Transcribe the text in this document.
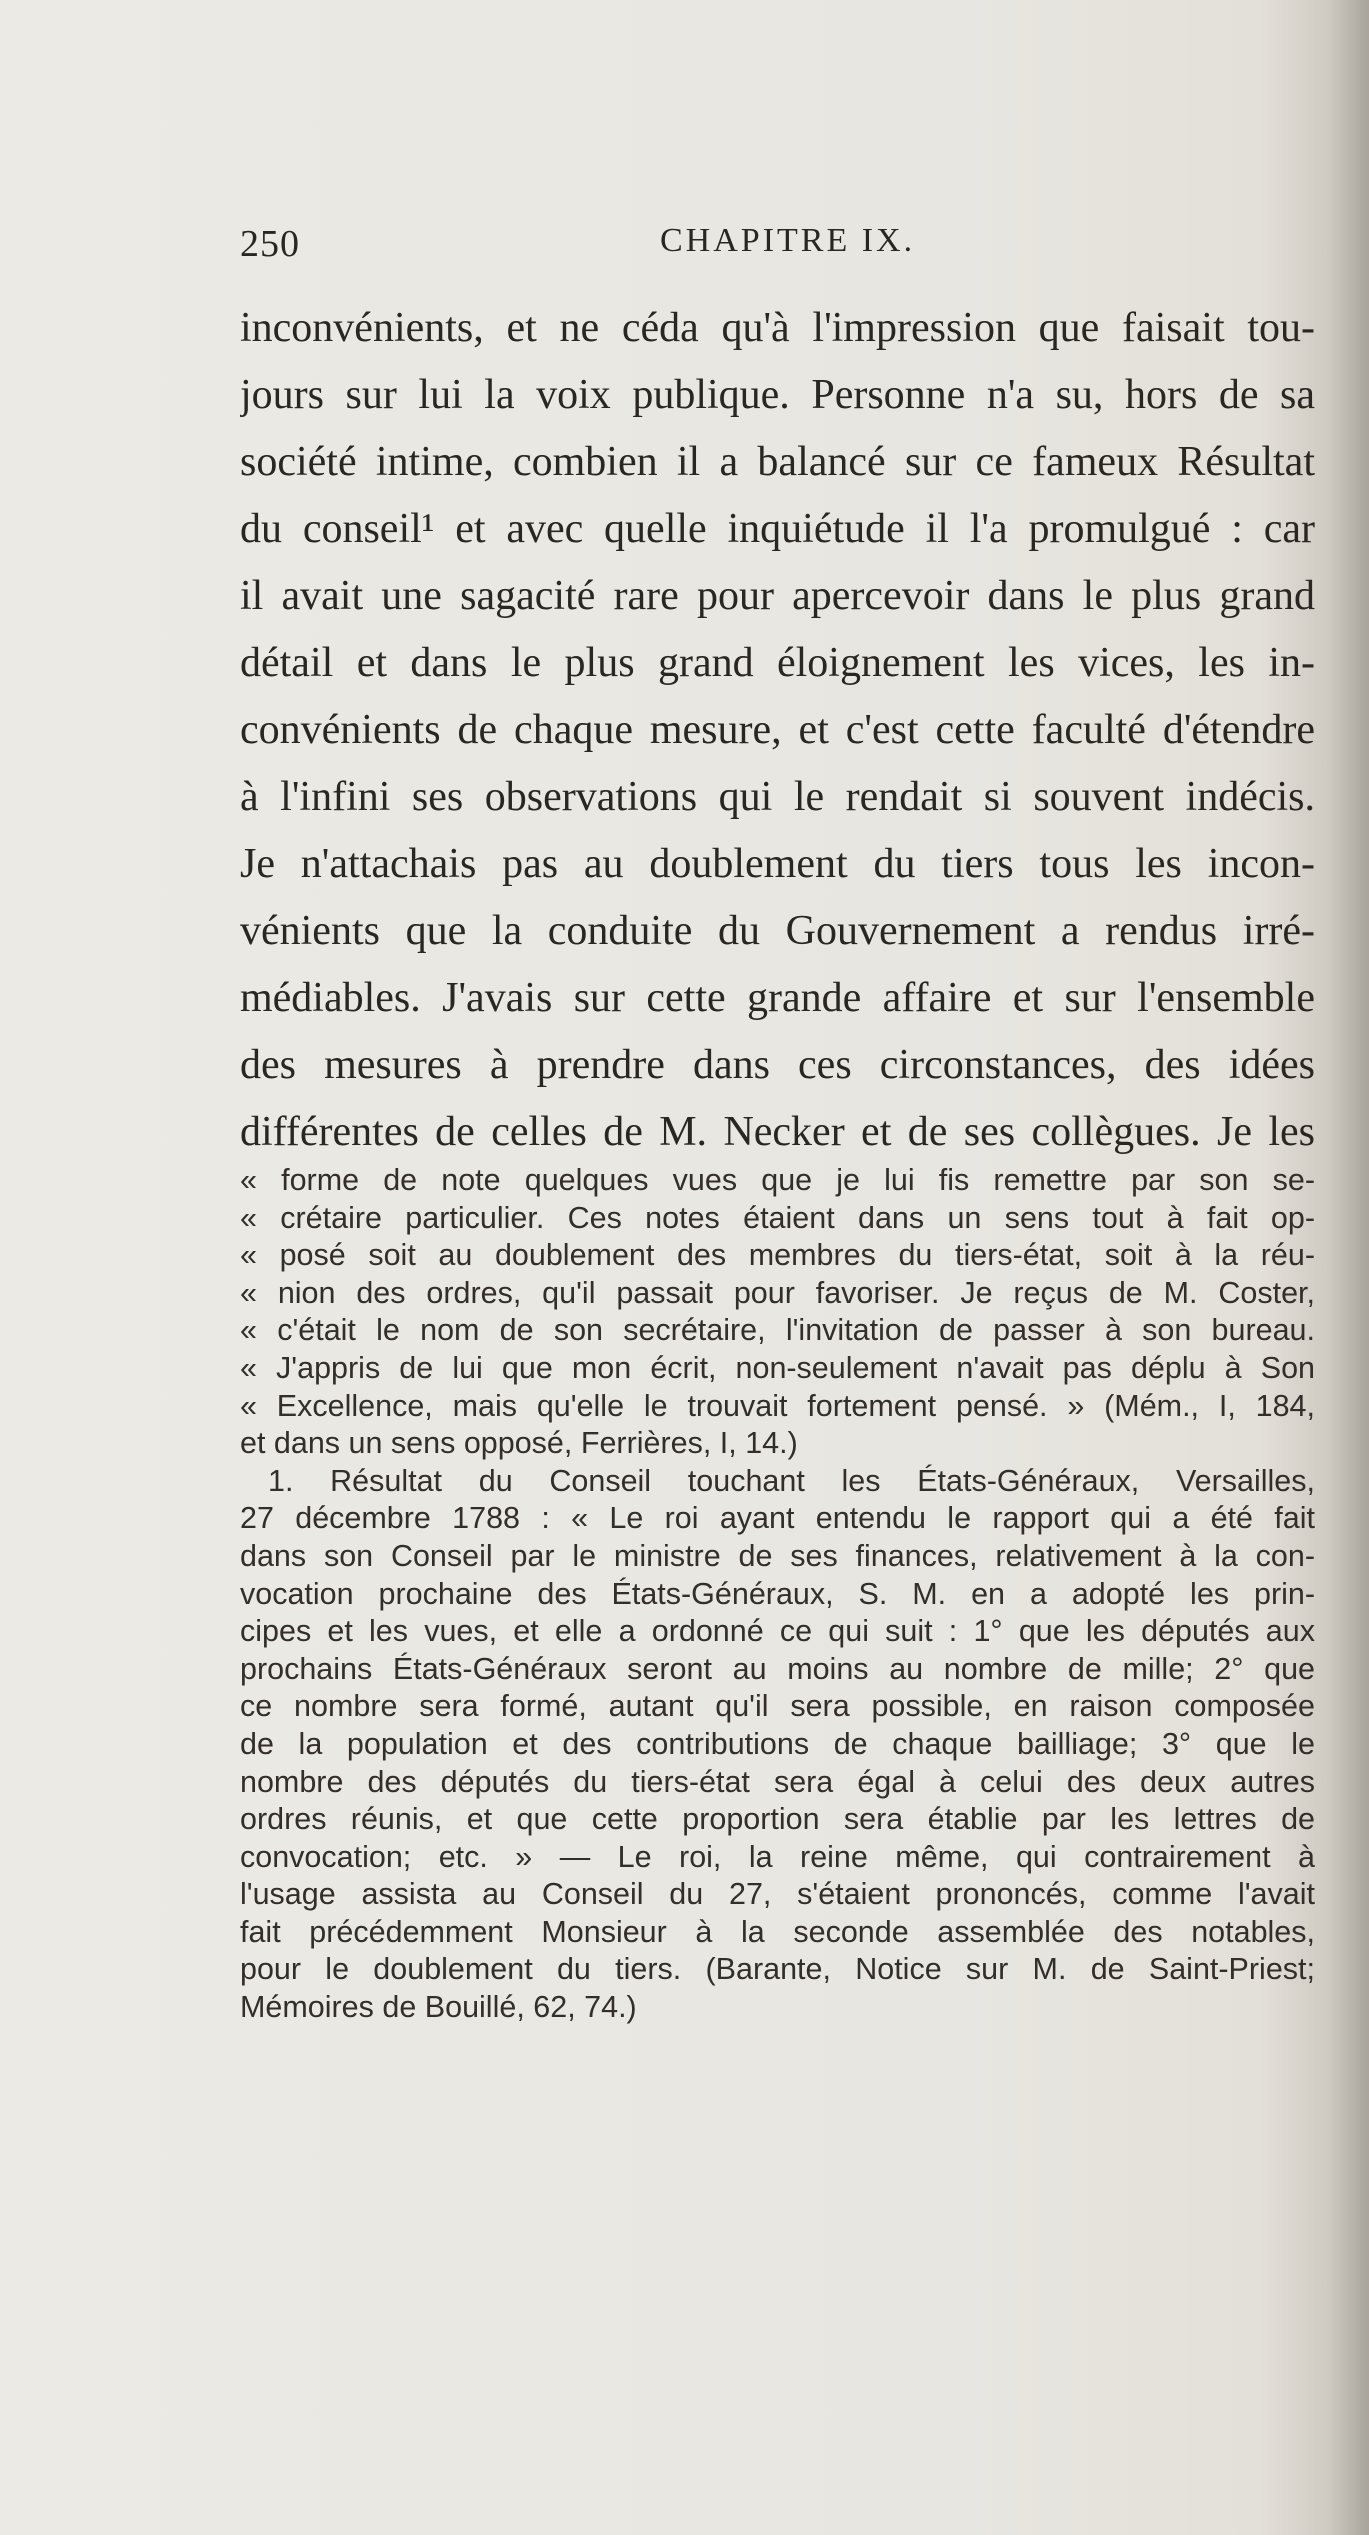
250	CHAPITRE IX.
inconvénients, et ne céda qu'à l'impression que faisait tou-
jours sur lui la voix publique. Personne n'a su, hors de sa
société intime, combien il a balancé sur ce fameux Résultat
du conseil¹ et avec quelle inquiétude il l'a promulgué : car
il avait une sagacité rare pour apercevoir dans le plus grand
détail et dans le plus grand éloignement les vices, les in-
convénients de chaque mesure, et c'est cette faculté d'étendre
à l'infini ses observations qui le rendait si souvent indécis.
Je n'attachais pas au doublement du tiers tous les incon-
vénients que la conduite du Gouvernement a rendus irré-
médiables. J'avais sur cette grande affaire et sur l'ensemble
des mesures à prendre dans ces circonstances, des idées
différentes de celles de M. Necker et de ses collègues. Je les
« forme de note quelques vues que je lui fis remettre par son se-
« crétaire particulier. Ces notes étaient dans un sens tout à fait op-
« posé soit au doublement des membres du tiers-état, soit à la réu-
« nion des ordres, qu'il passait pour favoriser. Je reçus de M. Coster,
« c'était le nom de son secrétaire, l'invitation de passer à son bureau.
« J'appris de lui que mon écrit, non-seulement n'avait pas déplu à Son
« Excellence, mais qu'elle le trouvait fortement pensé. » (Mém., I, 184,
et dans un sens opposé, Ferrières, I, 14.)
1. Résultat du Conseil touchant les États-Généraux, Versailles,
27 décembre 1788 : « Le roi ayant entendu le rapport qui a été fait
dans son Conseil par le ministre de ses finances, relativement à la con-
vocation prochaine des États-Généraux, S. M. en a adopté les prin-
cipes et les vues, et elle a ordonné ce qui suit : 1° que les députés aux
prochains États-Généraux seront au moins au nombre de mille; 2° que
ce nombre sera formé, autant qu'il sera possible, en raison composée
de la population et des contributions de chaque bailliage; 3° que le
nombre des députés du tiers-état sera égal à celui des deux autres
ordres réunis, et que cette proportion sera établie par les lettres de
convocation; etc. » — Le roi, la reine même, qui contrairement à
l'usage assista au Conseil du 27, s'étaient prononcés, comme l'avait
fait précédemment Monsieur à la seconde assemblée des notables,
pour le doublement du tiers. (Barante, Notice sur M. de Saint-Priest;
Mémoires de Bouillé, 62, 74.)
